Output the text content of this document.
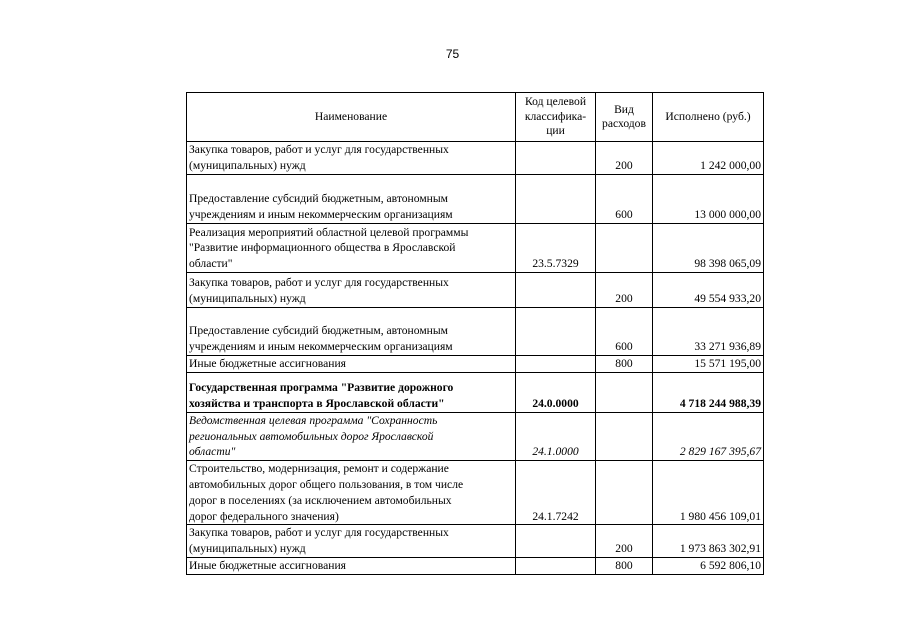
75
Наименование	Код целевой классифика-ции	Вид расходов	Исполнено (руб.)
Закупка товаров, работ и услуг для государственных
(муниципальных) нужд		200	1 242 000,00
Предоставление субсидий бюджетным, автономным
учреждениям и иным некоммерческим организациям		600	13 000 000,00
Реализация мероприятий областной целевой программы
"Развитие информационного общества в Ярославской
области"	23.5.7329		98 398 065,09
Закупка товаров, работ и услуг для государственных
(муниципальных) нужд		200	49 554 933,20
Предоставление субсидий бюджетным, автономным
учреждениям и иным некоммерческим организациям		600	33 271 936,89
Иные бюджетные ассигнования		800	15 571 195,00
Государственная программа "Развитие дорожного
хозяйства и транспорта в Ярославской области"	24.0.0000		4 718 244 988,39
Ведомственная целевая программа "Сохранность
региональных автомобильных дорог Ярославской
области"	24.1.0000		2 829 167 395,67
Строительство, модернизация, ремонт и содержание
автомобильных дорог общего пользования, в том числе
дорог в поселениях (за исключением автомобильных
дорог федерального значения)	24.1.7242		1 980 456 109,01
Закупка товаров, работ и услуг для государственных
(муниципальных) нужд		200	1 973 863 302,91
Иные бюджетные ассигнования		800	6 592 806,10
